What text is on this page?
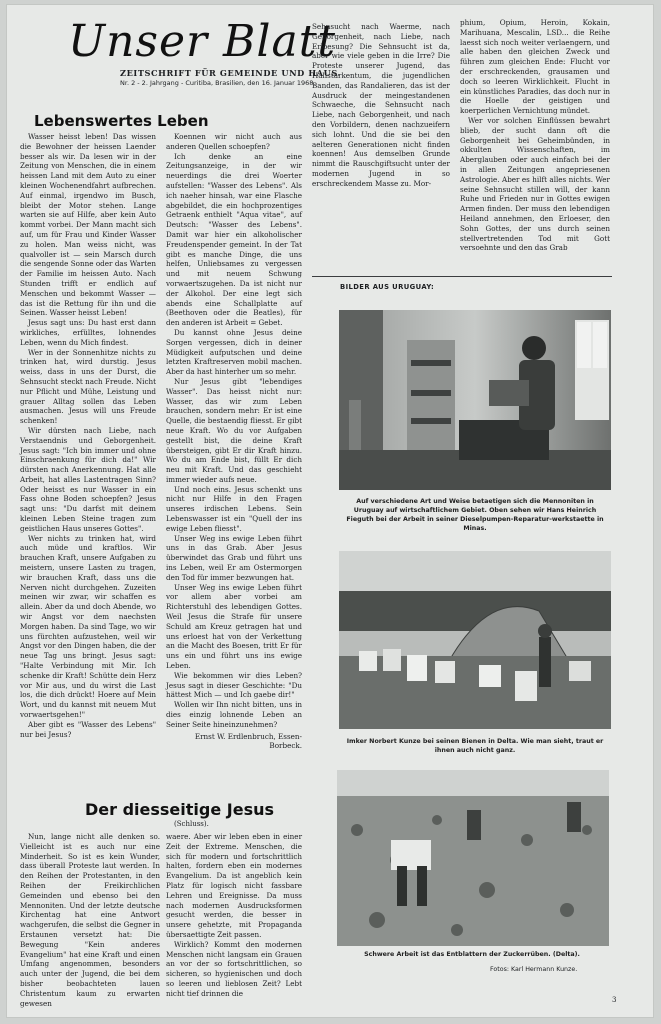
Unser Blatt
ZEITSCHRIFT FÜR GEMEINDE UND HAUS.
Nr. 2 - 2. Jahrgang - Curitiba, Brasilien, den 16. Januar 1968.
Lebenswertes Leben

Wasser heisst leben! Das wissen die Bewohner der heissen Laender besser als wir. Da lesen wir in der Zeitung von Menschen, die in einem heissen Land mit dem Auto zu einer kleinen Wochenendfahrt aufbrechen. Auf einmal, irgendwo im Busch, bleibt der Motor stehen. Lange warten sie auf Hilfe, aber kein Auto kommt vorbei. Der Mann macht sich auf, um für Frau und Kinder Wasser zu holen. Man weiss nicht, was qualvoller ist — sein Marsch durch die sengende Sonne oder das Warten der Familie im heissen Auto. Nach Stunden trifft er endlich auf Menschen und bekommt Wasser — das ist die Rettung für ihn und die Seinen. Wasser heisst Leben!

Jesus sagt uns: Du hast erst dann wirkliches, erfülltes, lohnendes Leben, wenn du Mich findest.

Wer in der Sonnenhitze nichts zu trinken hat, wird durstig. Jesus weiss, dass in uns der Durst, die Sehnsucht steckt nach Freude. Nicht nur Pflicht und Mühe, Leistung und grauer Alltag sollen das Leben ausmachen. Jesus will uns Freude schenken!

Wir dürsten nach Liebe, nach Verstaendnis und Geborgenheit. Jesus sagt: "Ich bin immer und ohne Einschraenkung für dich da!" Wir dürsten nach Anerkennung. Hat alle Arbeit, hat alles Lastentragen Sinn? Oder heisst es nur Wasser in ein Fass ohne Boden schoepfen? Jesus sagt uns: "Du darfst mit deinem kleinen Leben Steine tragen zum geistlichen Haus unseres Gottes".

Wer nichts zu trinken hat, wird auch müde und kraftlos. Wir brauchen Kraft, unsere Aufgaben zu meistern, unsere Lasten zu tragen, wir brauchen Kraft, dass uns die Nerven nicht durchgehen. Zuzeiten meinen wir zwar, wir schaffen es allein. Aber da und doch Abende, wo wir Angst vor dem naechsten Morgen haben. Da sind Tage, wo wir uns fürchten aufzustehen, weil wir Angst vor den Dingen haben, die der neue Tag uns bringt. Jesus sagt: "Halte Verbindung mit Mir. Ich schenke dir Kraft! Schütte dein Herz vor Mir aus, und du wirst die Last los, die dich drückt! Hoere auf Mein Wort, und du kannst mit neuem Mut vorwaertsgehen!"

Aber gibt es "Wasser des Lebens" nur bei Jesus?

Koennen wir nicht auch aus anderen Quellen schoepfen?

Ich denke an eine Zeitungsanzeige, in der wir neuerdings die drei Woerter aufstellen: "Wasser des Lebens". Als ich naeher hinsah, war eine Flasche abgebildet, die ein hochprozentiges Getraenk enthielt "Aqua vitae", auf Deutsch: "Wasser des Lebens". Damit war hier ein alkoholischer Freudenspender gemeint. In der Tat gibt es manche Dinge, die uns helfen, Unliebsames zu vergessen und mit neuem Schwung vorwaertszugehen. Da ist nicht nur der Alkohol. Der eine legt sich abends eine Schallplatte auf (Beethoven oder die Beatles), für den anderen ist Arbeit = Gebet.

Du kannst ohne Jesus deine Sorgen vergessen, dich in deiner Müdigkeit aufputschen und deine letzten Kraftreserven mobil machen. Aber da hast hinterher um so mehr.

Nur Jesus gibt "lebendiges Wasser". Das heisst nicht nur: Wasser, das wir zum Leben brauchen, sondern mehr: Er ist eine Quelle, die bestaendig fliesst. Er gibt neue Kraft. Wo du vor Aufgaben gestellt bist, die deine Kraft übersteigen, gibt Er dir Kraft hinzu. Wo du am Ende bist, füllt Er dich neu mit Kraft. Und das geschieht immer wieder aufs neue.

Und noch eins. Jesus schenkt uns nicht nur Hilfe in den Fragen unseres irdischen Lebens. Sein Lebenswasser ist ein "Quell der ins ewige Leben fliesst".

Unser Weg ins ewige Leben führt uns in das Grab. Aber Jesus überwindet das Grab und führt uns ins Leben, weil Er am Ostermorgen den Tod für immer bezwungen hat.

Unser Weg ins ewige Leben führt vor allem aber vorbei am Richterstuhl des lebendigen Gottes. Weil Jesus die Strafe für unsere Schuld am Kreuz getragen hat und uns erloest hat von der Verkettung an die Macht des Boesen, tritt Er für uns ein und führt uns ins ewige Leben.

Wie bekommen wir dies Leben? Jesus sagt in dieser Geschichte: "Du hättest Mich — und Ich gaebe dir!"

Wollen wir Ihn nicht bitten, uns in dies einzig lohnende Leben an Seiner Seite hineinzunehmen?

Ernst W. Erdlenbruch, Essen-Borbeck.

Sehnsucht nach Waerme, nach Geborgenheit, nach Liebe, nach Erloesung? Die Sehnsucht ist da, aber wie viele geben in die Irre? Die Proteste unserer Jugend, das Hallstarkentum, die jugendlichen Banden, das Randalieren, das ist der Ausdruck der meingestandenen Schwaeche, die Sehnsucht nach Liebe, nach Geborgenheit, und nach den Vorbildern, denen nachzueifern sich lohnt. Und die sie bei den aelteren Generationen nicht finden koennen! Aus demselben Grunde nimmt die Rauschgiftsucht unter der modernen Jugend in so erschreckendem Masse zu. Mor-

phium, Opium, Heroin, Kokain, Marihuana, Mescalin, LSD... die Reihe laesst sich noch weiter verlaengern, und alle haben den gleichen Zweck und führen zum gleichen Ende: Flucht vor der erschreckenden, grausamen und doch so leeren Wirklichkeit. Flucht in ein künstliches Paradies, das doch nur in die Hoelle der geistigen und koerperlichen Vernichtung mündet.

Wer vor solchen Einflüssen bewahrt blieb, der sucht dann oft die Geborgenheit bei Geheimbünden, in okkulten Wissenschaften, im Aberglauben oder auch einfach bei der in allen Zeitungen angepriesenen Astrologie. Aber es hilft alles nichts. Wer seine Sehnsucht stillen will, der kann Ruhe und Frieden nur in Gottes ewigen Armen finden. Der muss den lebendigen Heiland annehmen, den Erloeser, den Sohn Gottes, der uns durch seinen stellvertretenden Tod mit Gott versoehnte und den das Grab

BILDER AUS URUGUAY:
Auf verschiedene Art und Weise betaetigen sich die Mennoniten in Uruguay auf wirtschaftlichem Gebiet. Oben sehen wir Hans Heinrich Fieguth bei der Arbeit in seiner Dieselpumpen-Reparatur-werkstaette in Minas.
Imker Norbert Kunze bei seinen Bienen in Delta. Wie man sieht, traut er ihnen auch nicht ganz.
Schwere Arbeit ist das Entblattern der Zuckerrüben. (Delta).
Fotos: Karl Hermann Kunze.
Der diesseitige Jesus
(Schluss).

Nun, lange nicht alle denken so. Vielleicht ist es auch nur eine Minderheit. So ist es kein Wunder, dass überall Proteste laut werden. In den Reihen der Protestanten, in den Reihen der Freikirchlichen Gemeinden und ebenso bei den Mennoniten. Und der letzte deutsche Kirchentag hat eine Antwort wachgerufen, die selbst die Gegner in Erstaunen versetzt hat: Die Bewegung "Kein anderes Evangelium" hat eine Kraft und einen Umfang angenommen, besonders auch unter der Jugend, die bei dem bisher beobachteten lauen Christentum kaum zu erwarten gewesen

waere. Aber wir leben eben in einer Zeit der Extreme. Menschen, die sich für modern und fortschrittlich halten, fordern eben ein modernes Evangelium. Da ist angeblich kein Platz für logisch nicht fassbare Lehren und Ereignisse. Da muss nach modernen Ausdrucksformen gesucht werden, die besser in unsere gehetzte, mit Propaganda übersaettigte Zeit passen.

Wirklich? Kommt den modernen Menschen nicht langsam ein Grauen an vor der so fortschrittlichen, so sicheren, so hygienischen und doch so leeren und lieblosen Zeit? Lebt nicht tief drinnen die

3
